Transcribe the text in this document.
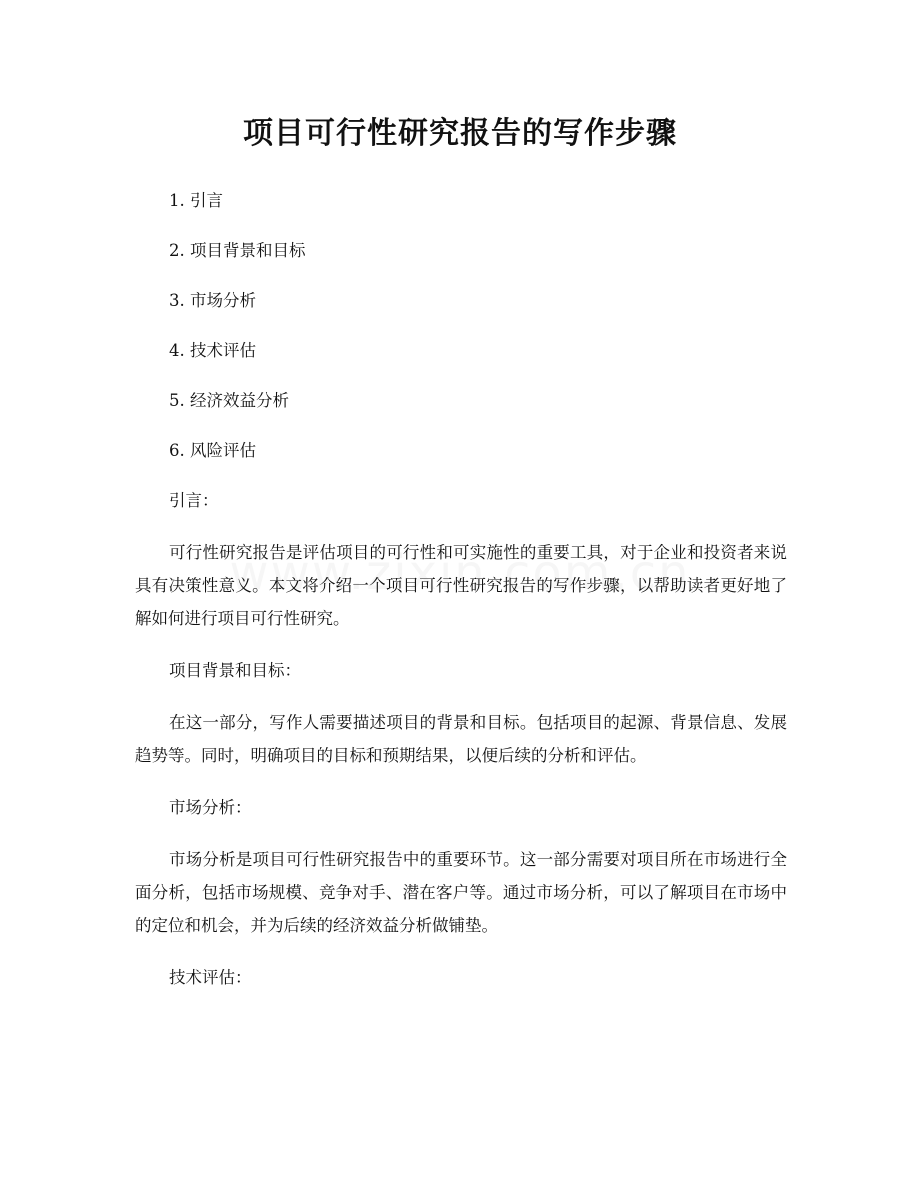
项目可行性研究报告的写作步骤
1. 引言
2. 项目背景和目标
3. 市场分析
4. 技术评估
5. 经济效益分析
6. 风险评估
引言：
可行性研究报告是评估项目的可行性和可实施性的重要工具，对于企业和投资者来说具有决策性意义。本文将介绍一个项目可行性研究报告的写作步骤，以帮助读者更好地了解如何进行项目可行性研究。
项目背景和目标：
在这一部分，写作人需要描述项目的背景和目标。包括项目的起源、背景信息、发展趋势等。同时，明确项目的目标和预期结果，以便后续的分析和评估。
市场分析：
市场分析是项目可行性研究报告中的重要环节。这一部分需要对项目所在市场进行全面分析，包括市场规模、竞争对手、潜在客户等。通过市场分析，可以了解项目在市场中的定位和机会，并为后续的经济效益分析做铺垫。
技术评估：
